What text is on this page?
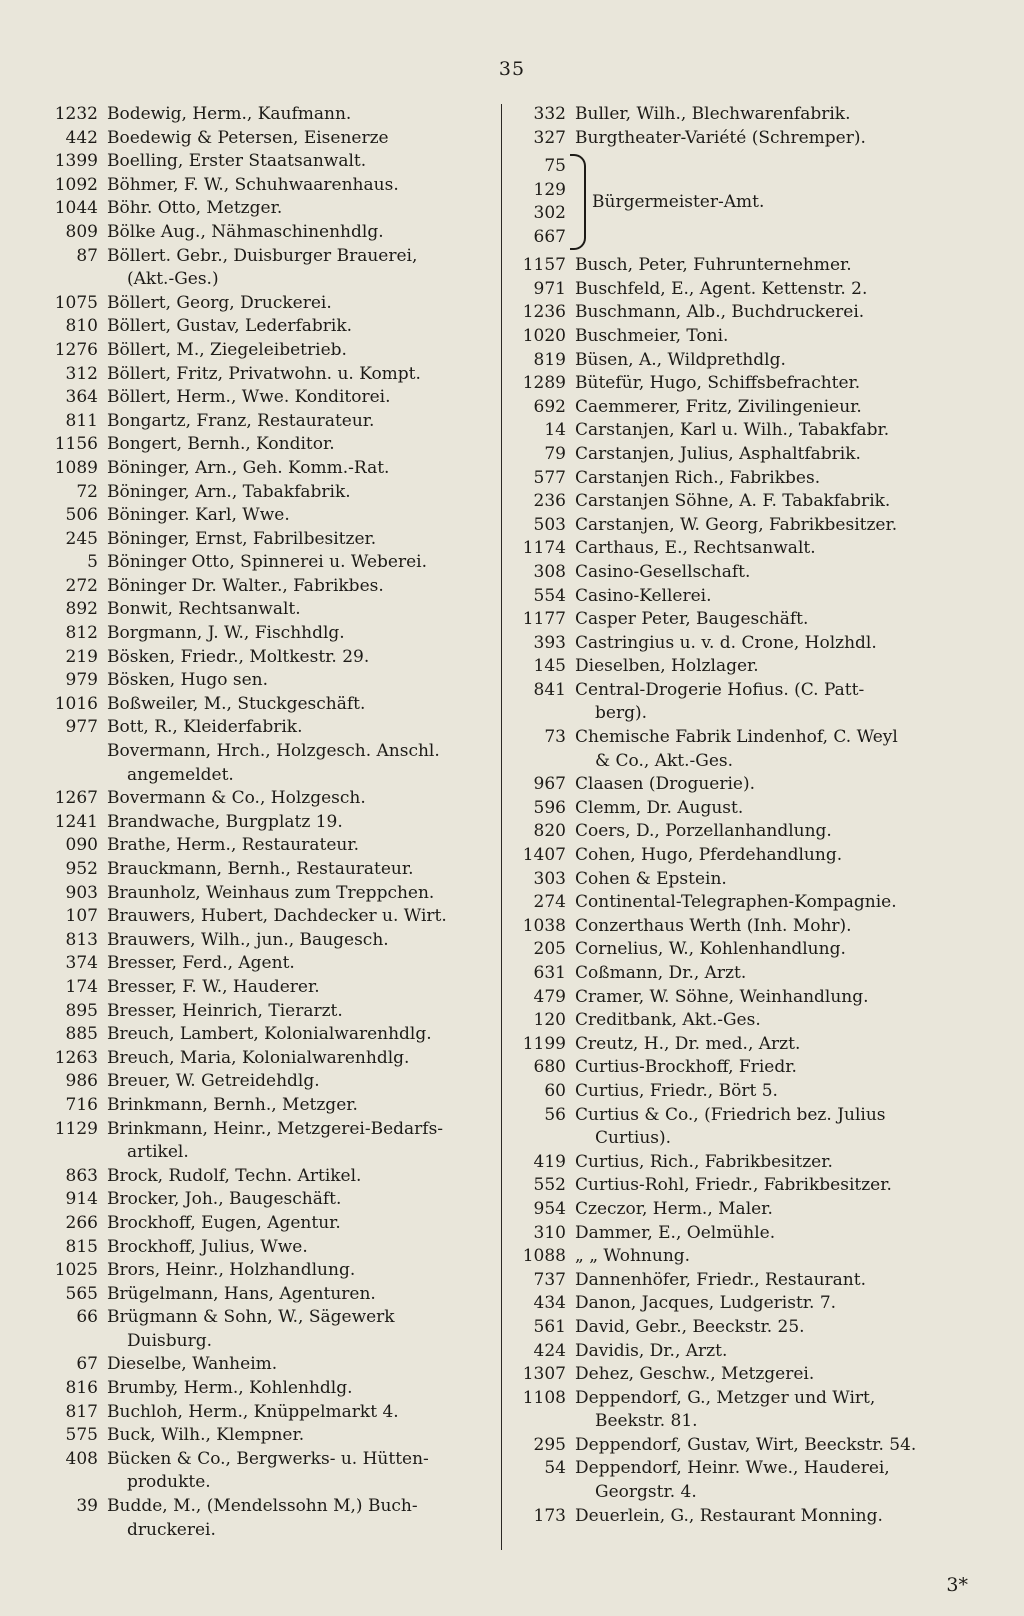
35
1232 Bodewig, Herm., Kaufmann.
442 Boedewig & Petersen, Eisenerze
1399 Boelling, Erster Staatsanwalt.
1092 Böhmer, F. W., Schuhwaarenhaus.
1044 Böhr. Otto, Metzger.
809 Bölke Aug., Nähmaschinenhdlg.
87 Böllert. Gebr., Duisburger Brauerei,
(Akt.-Ges.)
1075 Böllert, Georg, Druckerei.
810 Böllert, Gustav, Lederfabrik.
1276 Böllert, M., Ziegeleibetrieb.
312 Böllert, Fritz, Privatwohn. u. Kompt.
364 Böllert, Herm., Wwe. Konditorei.
811 Bongartz, Franz, Restaurateur.
1156 Bongert, Bernh., Konditor.
1089 Böninger, Arn., Geh. Komm.-Rat.
72 Böninger, Arn., Tabakfabrik.
506 Böninger. Karl, Wwe.
245 Böninger, Ernst, Fabrilbesitzer.
5 Böninger Otto, Spinnerei u. Weberei.
272 Böninger Dr. Walter., Fabrikbes.
892 Bonwit, Rechtsanwalt.
812 Borgmann, J. W., Fischhdlg.
219 Bösken, Friedr., Moltkestr. 29.
979 Bösken, Hugo sen.
1016 Boßweiler, M., Stuckgeschäft.
977 Bott, R., Kleiderfabrik.
Bovermann, Hrch., Holzgesch. Anschl.
angemeldet.
1267 Bovermann & Co., Holzgesch.
1241 Brandwache, Burgplatz 19.
090 Brathe, Herm., Restaurateur.
952 Brauckmann, Bernh., Restaurateur.
903 Braunholz, Weinhaus zum Treppchen.
107 Brauwers, Hubert, Dachdecker u. Wirt.
813 Brauwers, Wilh., jun., Baugesch.
374 Bresser, Ferd., Agent.
174 Bresser, F. W., Hauderer.
895 Bresser, Heinrich, Tierarzt.
885 Breuch, Lambert, Kolonialwarenhdlg.
1263 Breuch, Maria, Kolonialwarenhdlg.
986 Breuer, W. Getreidehdlg.
716 Brinkmann, Bernh., Metzger.
1129 Brinkmann, Heinr., Metzgerei-Bedarfs-
artikel.
863 Brock, Rudolf, Techn. Artikel.
914 Brocker, Joh., Baugeschäft.
266 Brockhoff, Eugen, Agentur.
815 Brockhoff, Julius, Wwe.
1025 Brors, Heinr., Holzhandlung.
565 Brügelmann, Hans, Agenturen.
66 Brügmann & Sohn, W., Sägewerk
Duisburg.
67 Dieselbe, Wanheim.
816 Brumby, Herm., Kohlenhdlg.
817 Buchloh, Herm., Knüppelmarkt 4.
575 Buck, Wilh., Klempner.
408 Bücken & Co., Bergwerks- u. Hütten-
produkte.
39 Budde, M., (Mendelssohn M,) Buch-
druckerei.
332 Buller, Wilh., Blechwarenfabrik.
327 Burgtheater-Variété (Schremper).
75
129
302
667
Bürgermeister-Amt.
1157 Busch, Peter, Fuhrunternehmer.
971 Buschfeld, E., Agent. Kettenstr. 2.
1236 Buschmann, Alb., Buchdruckerei.
1020 Buschmeier, Toni.
819 Büsen, A., Wildprethdlg.
1289 Bütefür, Hugo, Schiffsbefrachter.
692 Caemmerer, Fritz, Zivilingenieur.
14 Carstanjen, Karl u. Wilh., Tabakfabr.
79 Carstanjen, Julius, Asphaltfabrik.
577 Carstanjen Rich., Fabrikbes.
236 Carstanjen Söhne, A. F. Tabakfabrik.
503 Carstanjen, W. Georg, Fabrikbesitzer.
1174 Carthaus, E., Rechtsanwalt.
308 Casino-Gesellschaft.
554 Casino-Kellerei.
1177 Casper Peter, Baugeschäft.
393 Castringius u. v. d. Crone, Holzhdl.
145 Dieselben, Holzlager.
841 Central-Drogerie Hofius. (C. Patt-
berg).
73 Chemische Fabrik Lindenhof, C. Weyl
& Co., Akt.-Ges.
967 Claasen (Droguerie).
596 Clemm, Dr. August.
820 Coers, D., Porzellanhandlung.
1407 Cohen, Hugo, Pferdehandlung.
303 Cohen & Epstein.
274 Continental-Telegraphen-Kompagnie.
1038 Conzerthaus Werth (Inh. Mohr).
205 Cornelius, W., Kohlenhandlung.
631 Coßmann, Dr., Arzt.
479 Cramer, W. Söhne, Weinhandlung.
120 Creditbank, Akt.-Ges.
1199 Creutz, H., Dr. med., Arzt.
680 Curtius-Brockhoff, Friedr.
60 Curtius, Friedr., Bört 5.
56 Curtius & Co., (Friedrich bez. Julius
Curtius).
419 Curtius, Rich., Fabrikbesitzer.
552 Curtius-Rohl, Friedr., Fabrikbesitzer.
954 Czeczor, Herm., Maler.
310 Dammer, E., Oelmühle.
1088 „ „ Wohnung.
737 Dannenhöfer, Friedr., Restaurant.
434 Danon, Jacques, Ludgeristr. 7.
561 David, Gebr., Beeckstr. 25.
424 Davidis, Dr., Arzt.
1307 Dehez, Geschw., Metzgerei.
1108 Deppendorf, G., Metzger und Wirt,
Beekstr. 81.
295 Deppendorf, Gustav, Wirt, Beeckstr. 54.
54 Deppendorf, Heinr. Wwe., Hauderei,
Georgstr. 4.
173 Deuerlein, G., Restaurant Monning.
3*
